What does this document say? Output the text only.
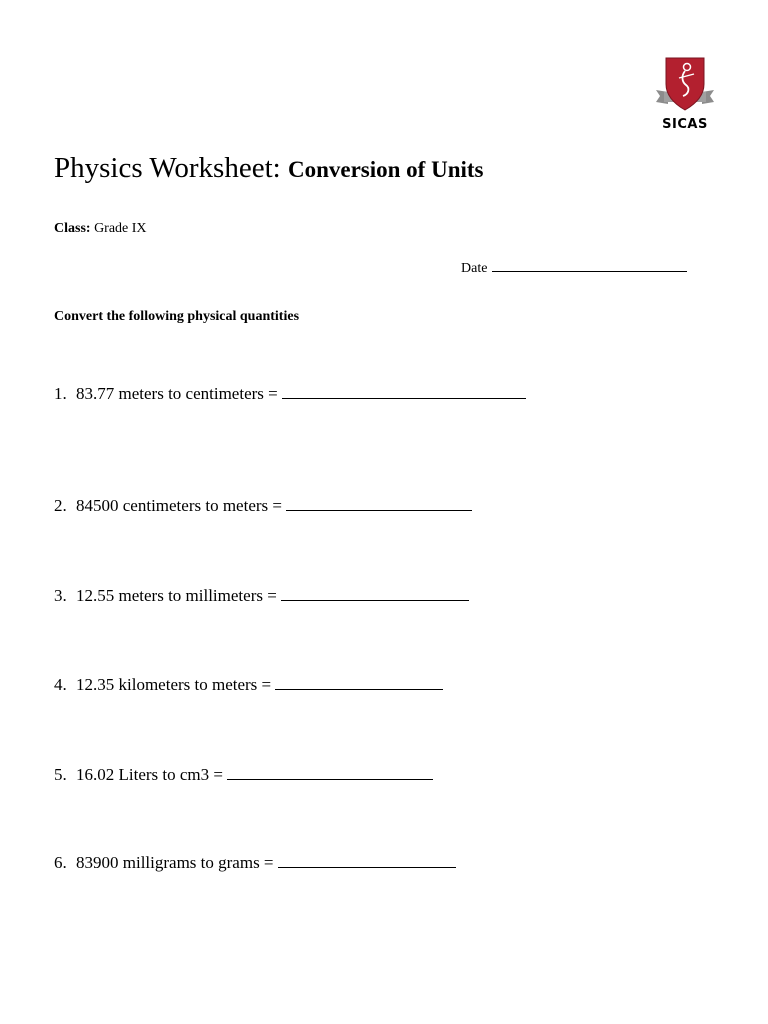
SICAS
Physics Worksheet: Conversion of Units
Class: Grade IX
Date
Convert the following physical quantities
1. 83.77 meters to centimeters =
2. 84500 centimeters to meters =
3. 12.55 meters to millimeters =
4. 12.35 kilometers to meters =
5. 16.02 Liters to cm3 =
6. 83900 milligrams to grams =
